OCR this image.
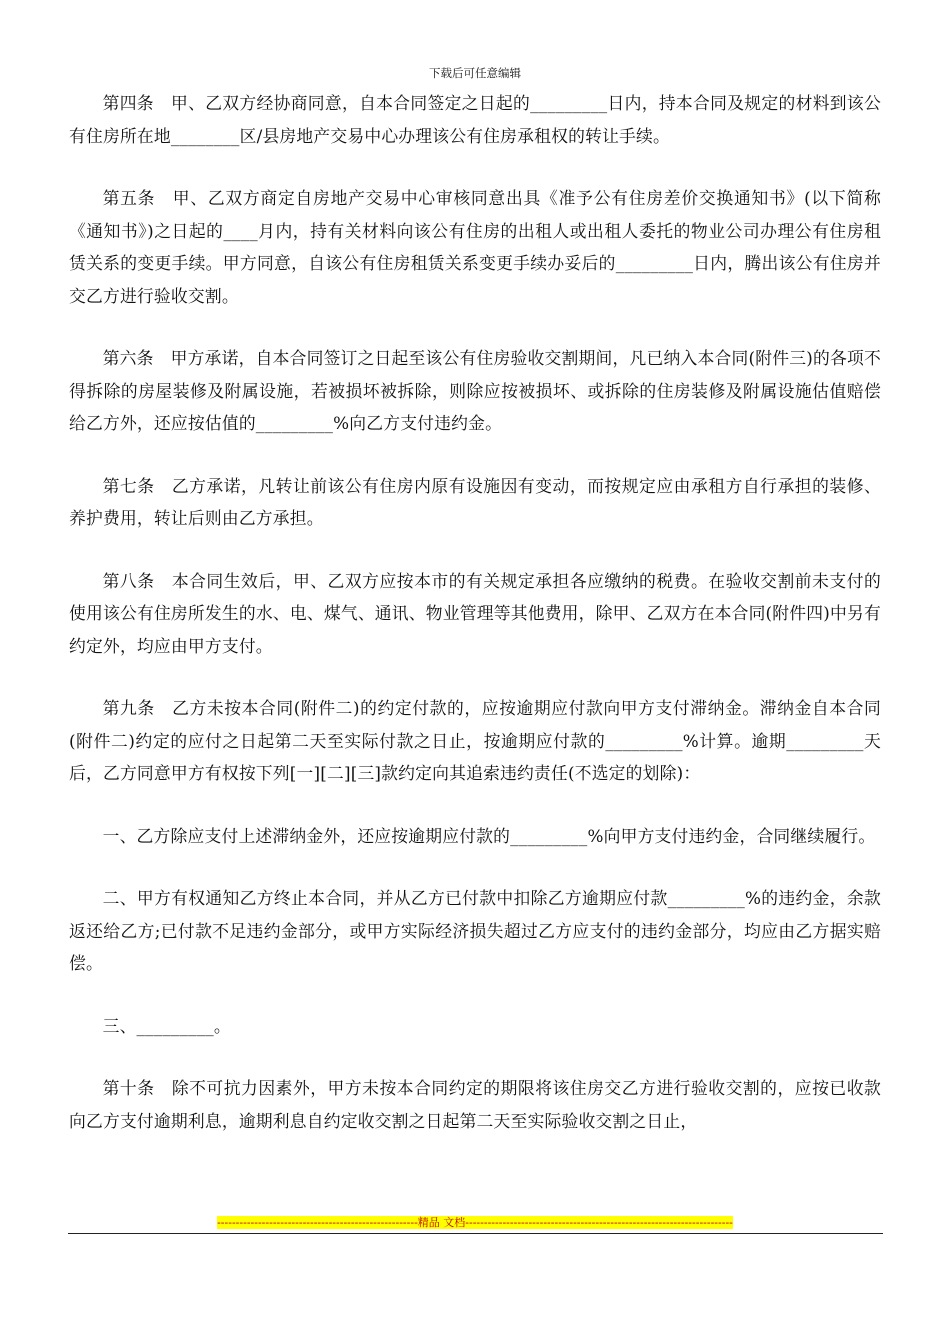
下载后可任意编辑

第四条　甲、乙双方经协商同意，自本合同签定之日起的_________日内，持本合同及规定的材料到该公有住房所在地________区/县房地产交易中心办理该公有住房承租权的转让手续。

第五条　甲、乙双方商定自房地产交易中心审核同意出具《准予公有住房差价交换通知书》(以下简称《通知书》)之日起的____月内，持有关材料向该公有住房的出租人或出租人委托的物业公司办理公有住房租赁关系的变更手续。甲方同意，自该公有住房租赁关系变更手续办妥后的_________日内，腾出该公有住房并交乙方进行验收交割。

第六条　甲方承诺，自本合同签订之日起至该公有住房验收交割期间，凡已纳入本合同(附件三)的各项不得拆除的房屋装修及附属设施，若被损坏被拆除，则除应按被损坏、或拆除的住房装修及附属设施估值赔偿给乙方外，还应按估值的_________%向乙方支付违约金。

第七条　乙方承诺，凡转让前该公有住房内原有设施因有变动，而按规定应由承租方自行承担的装修、养护费用，转让后则由乙方承担。

第八条　本合同生效后，甲、乙双方应按本市的有关规定承担各应缴纳的税费。在验收交割前未支付的使用该公有住房所发生的水、电、煤气、通讯、物业管理等其他费用，除甲、乙双方在本合同(附件四)中另有约定外，均应由甲方支付。

第九条　乙方未按本合同(附件二)的约定付款的，应按逾期应付款向甲方支付滞纳金。滞纳金自本合同(附件二)约定的应付之日起第二天至实际付款之日止，按逾期应付款的_________%计算。逾期_________天后，乙方同意甲方有权按下列[一][二][三]款约定向其追索违约责任(不选定的划除)：

一、乙方除应支付上述滞纳金外，还应按逾期应付款的_________%向甲方支付违约金，合同继续履行。

二、甲方有权通知乙方终止本合同，并从乙方已付款中扣除乙方逾期应付款_________%的违约金，余款返还给乙方;已付款不足违约金部分，或甲方实际经济损失超过乙方应支付的违约金部分，均应由乙方据实赔偿。

三、_________。

第十条　除不可抗力因素外，甲方未按本合同约定的期限将该住房交乙方进行验收交割的，应按已收款向乙方支付逾期利息，逾期利息自约定收交割之日起第二天至实际验收交割之日止，

------------------------------------------------------精品 文档------------------------------------------------------------------------
